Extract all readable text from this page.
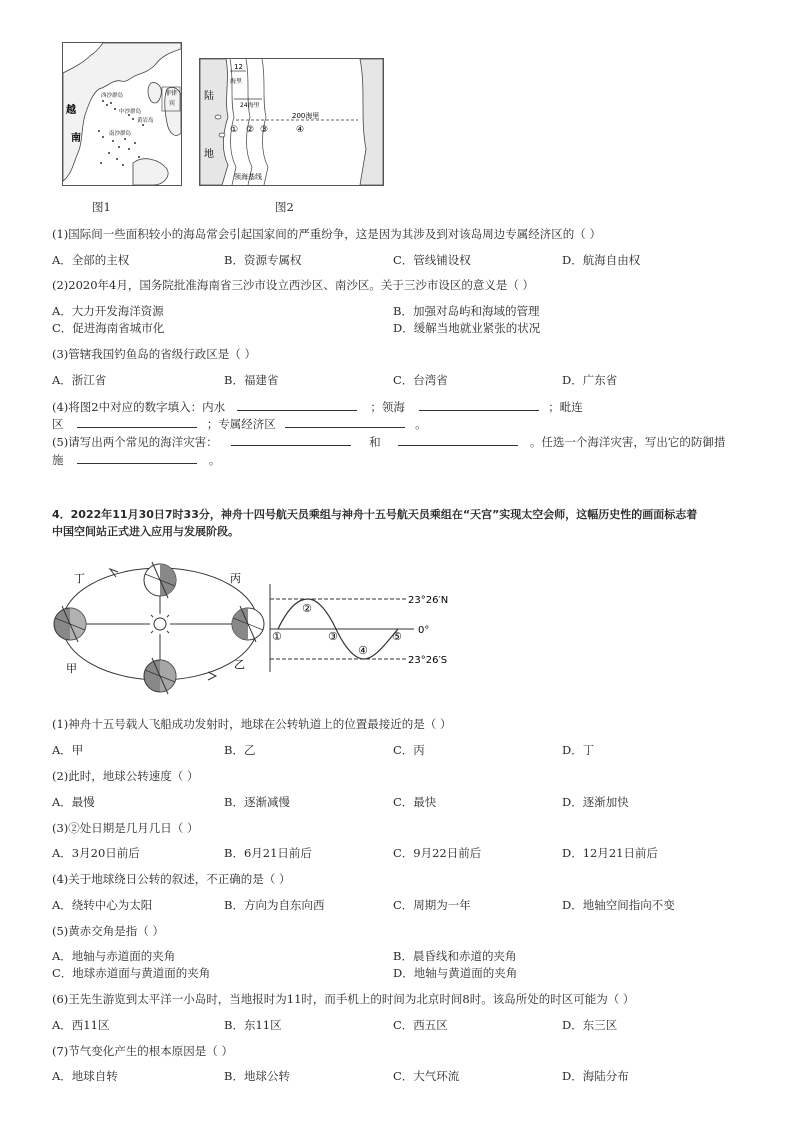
越
南
西沙群岛
中沙群岛
黄岩岛
南沙群岛
菲律
宾
图1
陆
地
12
海里
24海里
200海里
① ② ③	④
领海基线
图2
(1)国际间一些面积较小的海岛常会引起国家间的严重纷争，这是因为其涉及到对该岛周边专属经济区的（ ）
A．全部的主权	B．资源专属权	C．管线铺设权	D．航海自由权
(2)2020年4月，国务院批准海南省三沙市设立西沙区、南沙区。关于三沙市设区的意义是（ ）
A．大力开发海洋资源	B．加强对岛屿和海域的管理
C．促进海南省城市化	D．缓解当地就业紧张的状况
(3)管辖我国钓鱼岛的省级行政区是（ ）
A．浙江省	B．福建省	C．台湾省	D．广东省
(4)将图2中对应的数字填入：内水	；领海	；毗连
区	；专属经济区	。
(5)请写出两个常见的海洋灾害：	和	。任选一个海洋灾害，写出它的防御措
施	。
4．2022年11月30日7时33分，神舟十四号航天员乘组与神舟十五号航天员乘组在“天宫”实现太空会师，这幅历史性的画面标志着
中国空间站正式进入应用与发展阶段。
丁	丙
甲	乙
23°26′N
0°
23°26′S
①
②
③
④
⑤
(1)神舟十五号载人飞船成功发射时，地球在公转轨道上的位置最接近的是（ ）
A．甲	B．乙	C．丙	D．丁
(2)此时，地球公转速度（ ）
A．最慢	B．逐渐减慢	C．最快	D．逐渐加快
(3)②处日期是几月几日（ ）
A．3月20日前后	B．6月21日前后	C．9月22日前后	D．12月21日前后
(4)关于地球绕日公转的叙述，不正确的是（ ）
A．绕转中心为太阳	B．方向为自东向西	C．周期为一年	D．地轴空间指向不变
(5)黄赤交角是指（ ）
A．地轴与赤道面的夹角	B．晨昏线和赤道的夹角
C．地球赤道面与黄道面的夹角	D．地轴与黄道面的夹角
(6)王先生游览到太平洋一小岛时，当地报时为11时，而手机上的时间为北京时间8时。该岛所处的时区可能为（ ）
A．西11区	B．东11区	C．西五区	D．东三区
(7)节气变化产生的根本原因是（ ）
A．地球自转	B．地球公转	C．大气环流	D．海陆分布
